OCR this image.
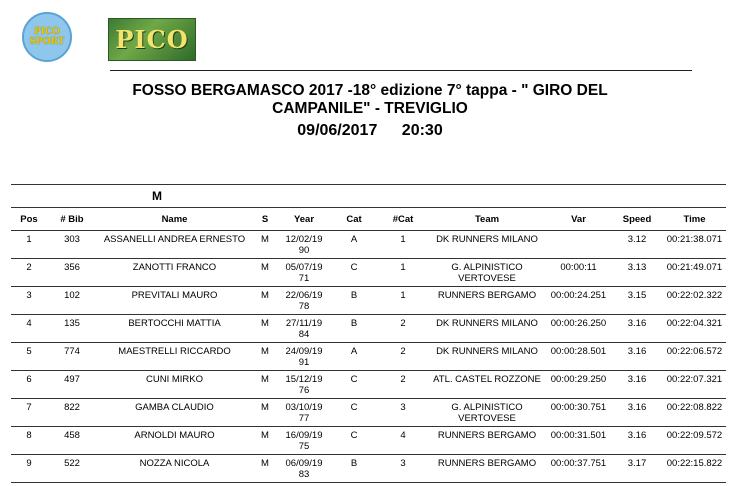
PICO
SPORT PICO
FOSSO BERGAMASCO 2017 -18° edizione 7° tappa - " GIRO DEL
CAMPANILE" - TREVIGLIO
09/06/2017 20:30
M
Pos	# Bib	Name	S	Year	Cat	#Cat	Team	Var	Speed	Time
1	303	ASSANELLI ANDREA ERNESTO	M	12/02/19 90	A	1	DK RUNNERS MILANO		3.12	00:21:38.071
2	356	ZANOTTI FRANCO	M	05/07/19 71	C	1	G. ALPINISTICO VERTOVESE	00:00:11	3.13	00:21:49.071
3	102	PREVITALI MAURO	M	22/06/19 78	B	1	RUNNERS BERGAMO	00:00:24.251	3.15	00:22:02.322
4	135	BERTOCCHI MATTIA	M	27/11/19 84	B	2	DK RUNNERS MILANO	00:00:26.250	3.16	00:22:04.321
5	774	MAESTRELLI RICCARDO	M	24/09/19 91	A	2	DK RUNNERS MILANO	00:00:28.501	3.16	00:22:06.572
6	497	CUNI MIRKO	M	15/12/19 76	C	2	ATL. CASTEL ROZZONE	00:00:29.250	3.16	00:22:07.321
7	822	GAMBA CLAUDIO	M	03/10/19 77	C	3	G. ALPINISTICO VERTOVESE	00:00:30.751	3.16	00:22:08.822
8	458	ARNOLDI MAURO	M	16/09/19 75	C	4	RUNNERS BERGAMO	00:00:31.501	3.16	00:22:09.572
9	522	NOZZA NICOLA	M	06/09/19 83	B	3	RUNNERS BERGAMO	00:00:37.751	3.17	00:22:15.822
